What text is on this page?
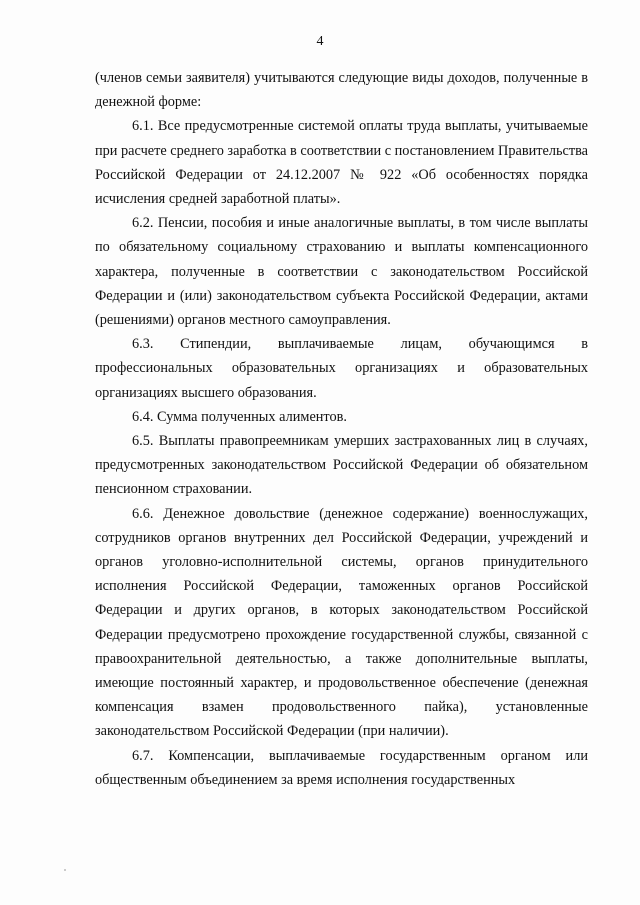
4

(членов семьи заявителя) учитываются следующие виды доходов, полученные в денежной форме:

6.1. Все предусмотренные системой оплаты труда выплаты, учитываемые при расчете среднего заработка в соответствии с постановлением Правительства Российской Федерации от 24.12.2007 № 922 «Об особенностях порядка исчисления средней заработной платы».

6.2. Пенсии, пособия и иные аналогичные выплаты, в том числе выплаты по обязательному социальному страхованию и выплаты компенсационного характера, полученные в соответствии с законодательством Российской Федерации и (или) законодательством субъекта Российской Федерации, актами (решениями) органов местного самоуправления.

6.3. Стипендии, выплачиваемые лицам, обучающимся в профессиональных образовательных организациях и образовательных организациях высшего образования.

6.4. Сумма полученных алиментов.

6.5. Выплаты правопреемникам умерших застрахованных лиц в случаях, предусмотренных законодательством Российской Федерации об обязательном пенсионном страховании.

6.6. Денежное довольствие (денежное содержание) военнослужащих, сотрудников органов внутренних дел Российской Федерации, учреждений и органов уголовно-исполнительной системы, органов принудительного исполнения Российской Федерации, таможенных органов Российской Федерации и других органов, в которых законодательством Российской Федерации предусмотрено прохождение государственной службы, связанной с правоохранительной деятельностью, а также дополнительные выплаты, имеющие постоянный характер, и продовольственное обеспечение (денежная компенсация взамен продовольственного пайка), установленные законодательством Российской Федерации (при наличии).

6.7. Компенсации, выплачиваемые государственным органом или общественным объединением за время исполнения государственных
